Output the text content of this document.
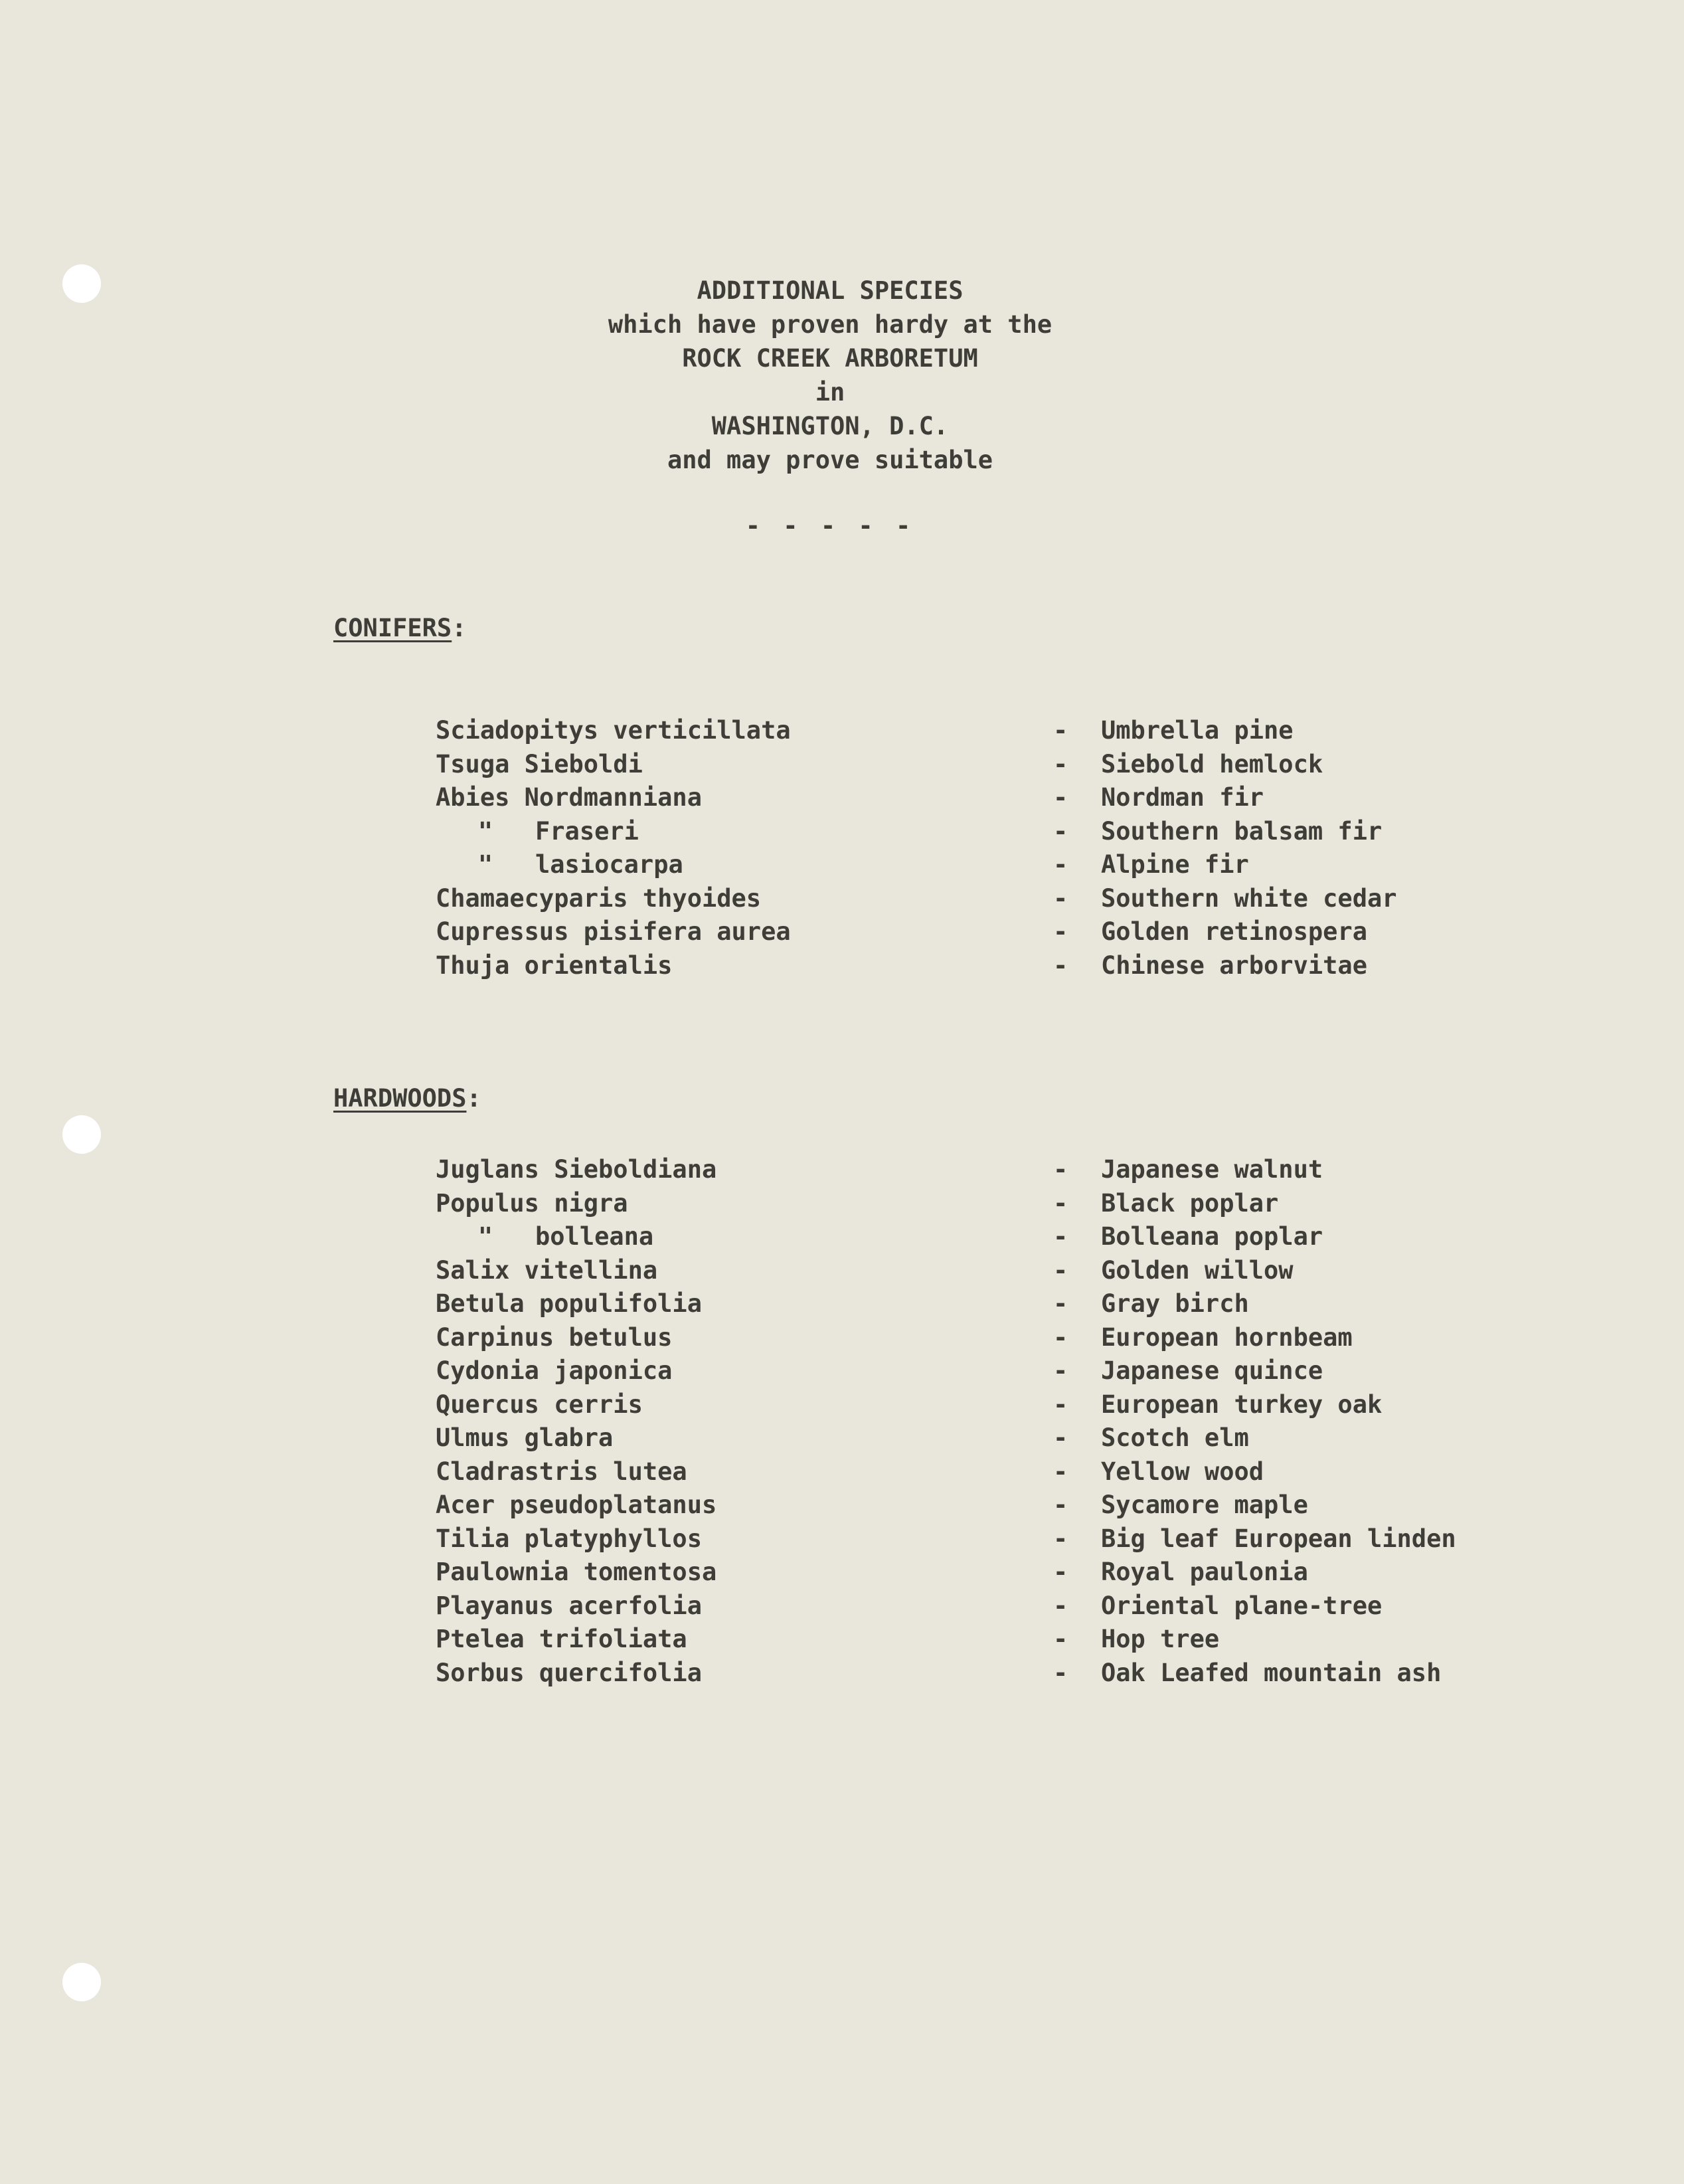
ADDITIONAL SPECIES
which have proven hardy at the
ROCK CREEK ARBORETUM
in
WASHINGTON, D.C.
and may prove suitable
- - - - -
CONIFERS:
Sciadopitys verticillata	- Umbrella pine
Tsuga Sieboldi	- Siebold hemlock
Abies Nordmanniana	- Nordman fir
" Fraseri	- Southern balsam fir
" lasiocarpa	- Alpine fir
Chamaecyparis thyoides	- Southern white cedar
Cupressus pisifera aurea	- Golden retinospera
Thuja orientalis	- Chinese arborvitae
HARDWOODS:
Juglans Sieboldiana	- Japanese walnut
Populus nigra	- Black poplar
" bolleana	- Bolleana poplar
Salix vitellina	- Golden willow
Betula populifolia	- Gray birch
Carpinus betulus	- European hornbeam
Cydonia japonica	- Japanese quince
Quercus cerris	- European turkey oak
Ulmus glabra	- Scotch elm
Cladrastris lutea	- Yellow wood
Acer pseudoplatanus	- Sycamore maple
Tilia platyphyllos	- Big leaf European linden
Paulownia tomentosa	- Royal paulonia
Playanus acerfolia	- Oriental plane-tree
Ptelea trifoliata	- Hop tree
Sorbus quercifolia	- Oak Leafed mountain ash
